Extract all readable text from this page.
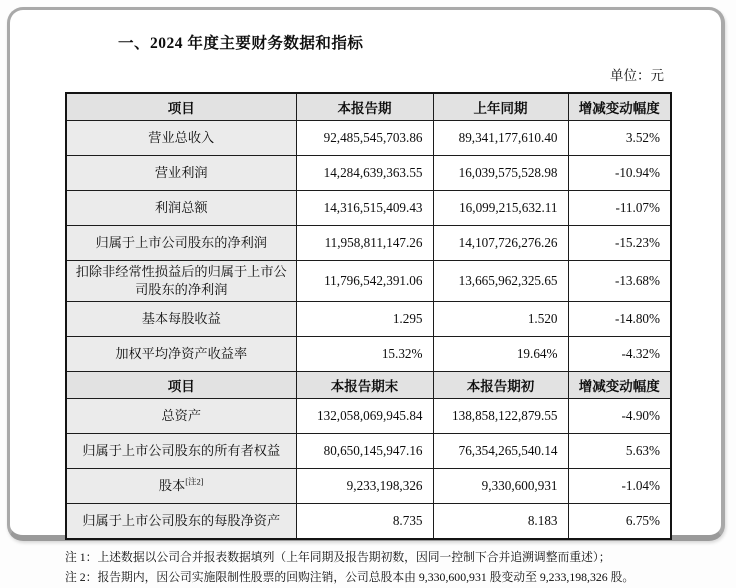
一、2024 年度主要财务数据和指标
单位：元
项目	本报告期	上年同期	增减变动幅度
营业总收入	92,485,545,703.86	89,341,177,610.40	3.52%
营业利润	14,284,639,363.55	16,039,575,528.98	-10.94%
利润总额	14,316,515,409.43	16,099,215,632.11	-11.07%
归属于上市公司股东的净利润	11,958,811,147.26	14,107,726,276.26	-15.23%
扣除非经常性损益后的归属于上市公司股东的净利润	11,796,542,391.06	13,665,962,325.65	-13.68%
基本每股收益	1.295	1.520	-14.80%
加权平均净资产收益率	15.32%	19.64%	-4.32%
项目	本报告期末	本报告期初	增减变动幅度
总资产	132,058,069,945.84	138,858,122,879.55	-4.90%
归属于上市公司股东的所有者权益	80,650,145,947.16	76,354,265,540.14	5.63%
股本[注2]	9,233,198,326	9,330,600,931	-1.04%
归属于上市公司股东的每股净资产	8.735	8.183	6.75%

注 1：上述数据以公司合并报表数据填列（上年同期及报告期初数，因同一控制下合并追溯调整而重述）；

注 2：报告期内，因公司实施限制性股票的回购注销，公司总股本由 9,330,600,931 股变动至 9,233,198,326 股。
